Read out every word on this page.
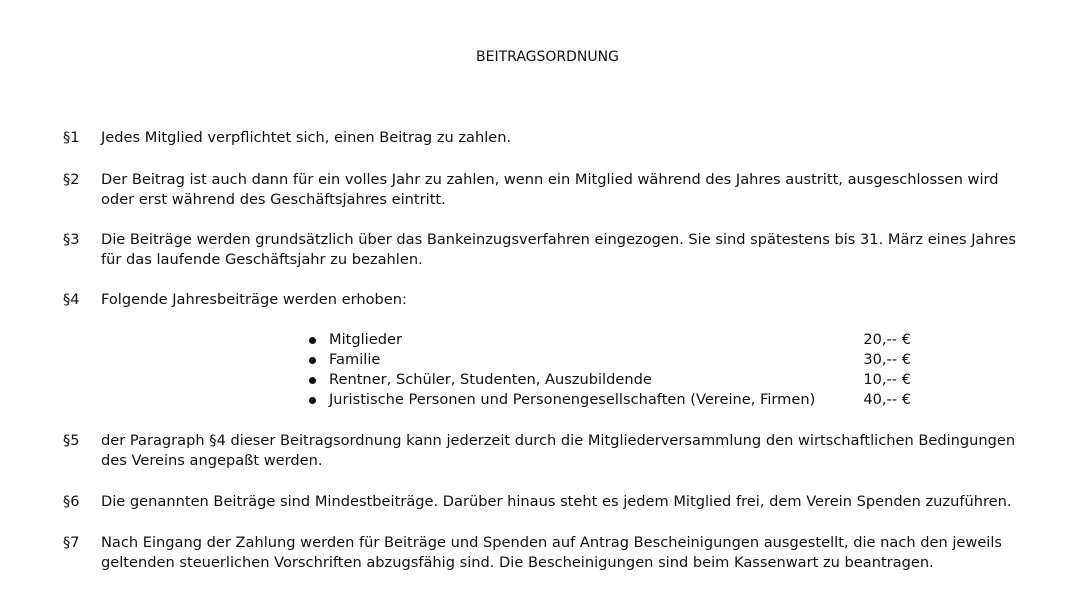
BEITRAGSORDNUNG
§1 Jedes Mitglied verpflichtet sich, einen Beitrag zu zahlen.
§2 Der Beitrag ist auch dann für ein volles Jahr zu zahlen, wenn ein Mitglied während des Jahres austritt, ausgeschlossen wird oder erst während des Geschäftsjahres eintritt.
§3 Die Beiträge werden grundsätzlich über das Bankeinzugsverfahren eingezogen. Sie sind spätestens bis 31. März eines Jahres für das laufende Geschäftsjahr zu bezahlen.
§4 Folgende Jahresbeiträge werden erhoben:
Mitglieder	20,-- €
Familie	30,-- €
Rentner, Schüler, Studenten, Auszubildende	10,-- €
Juristische Personen und Personengesellschaften (Vereine, Firmen)	40,-- €
§5 der Paragraph §4 dieser Beitragsordnung kann jederzeit durch die Mitgliederversammlung den wirtschaftlichen Bedingungen des Vereins angepaßt werden.
§6 Die genannten Beiträge sind Mindestbeiträge. Darüber hinaus steht es jedem Mitglied frei, dem Verein Spenden zuzuführen.
§7 Nach Eingang der Zahlung werden für Beiträge und Spenden auf Antrag Bescheinigungen ausgestellt, die nach den jeweils geltenden steuerlichen Vorschriften abzugsfähig sind. Die Bescheinigungen sind beim Kassenwart zu beantragen.
